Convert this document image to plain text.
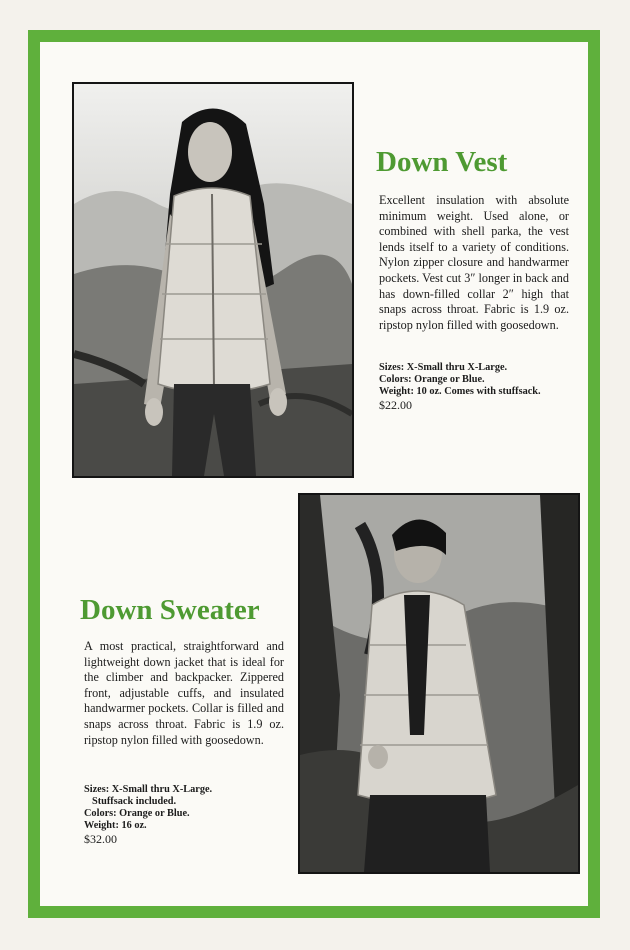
Down Vest

Excellent insulation with absolute minimum weight. Used alone, or combined with shell parka, the vest lends itself to a variety of conditions. Nylon zipper closure and handwarmer pockets. Vest cut 3″ longer in back and has down-filled collar 2″ high that snaps across throat. Fabric is 1.9 oz. ripstop nylon filled with goosedown.

Sizes: X-Small thru X-Large.
Colors: Orange or Blue.
Weight: 10 oz. Comes with stuffsack.
$22.00
Down Sweater

A most practical, straightforward and lightweight down jacket that is ideal for the climber and backpacker. Zippered front, adjustable cuffs, and insulated handwarmer pockets. Collar is filled and snaps across throat. Fabric is 1.9 oz. ripstop nylon filled with goosedown.

Sizes: X-Small thru X-Large.
Stuffsack included.
Colors: Orange or Blue.
Weight: 16 oz.
$32.00
